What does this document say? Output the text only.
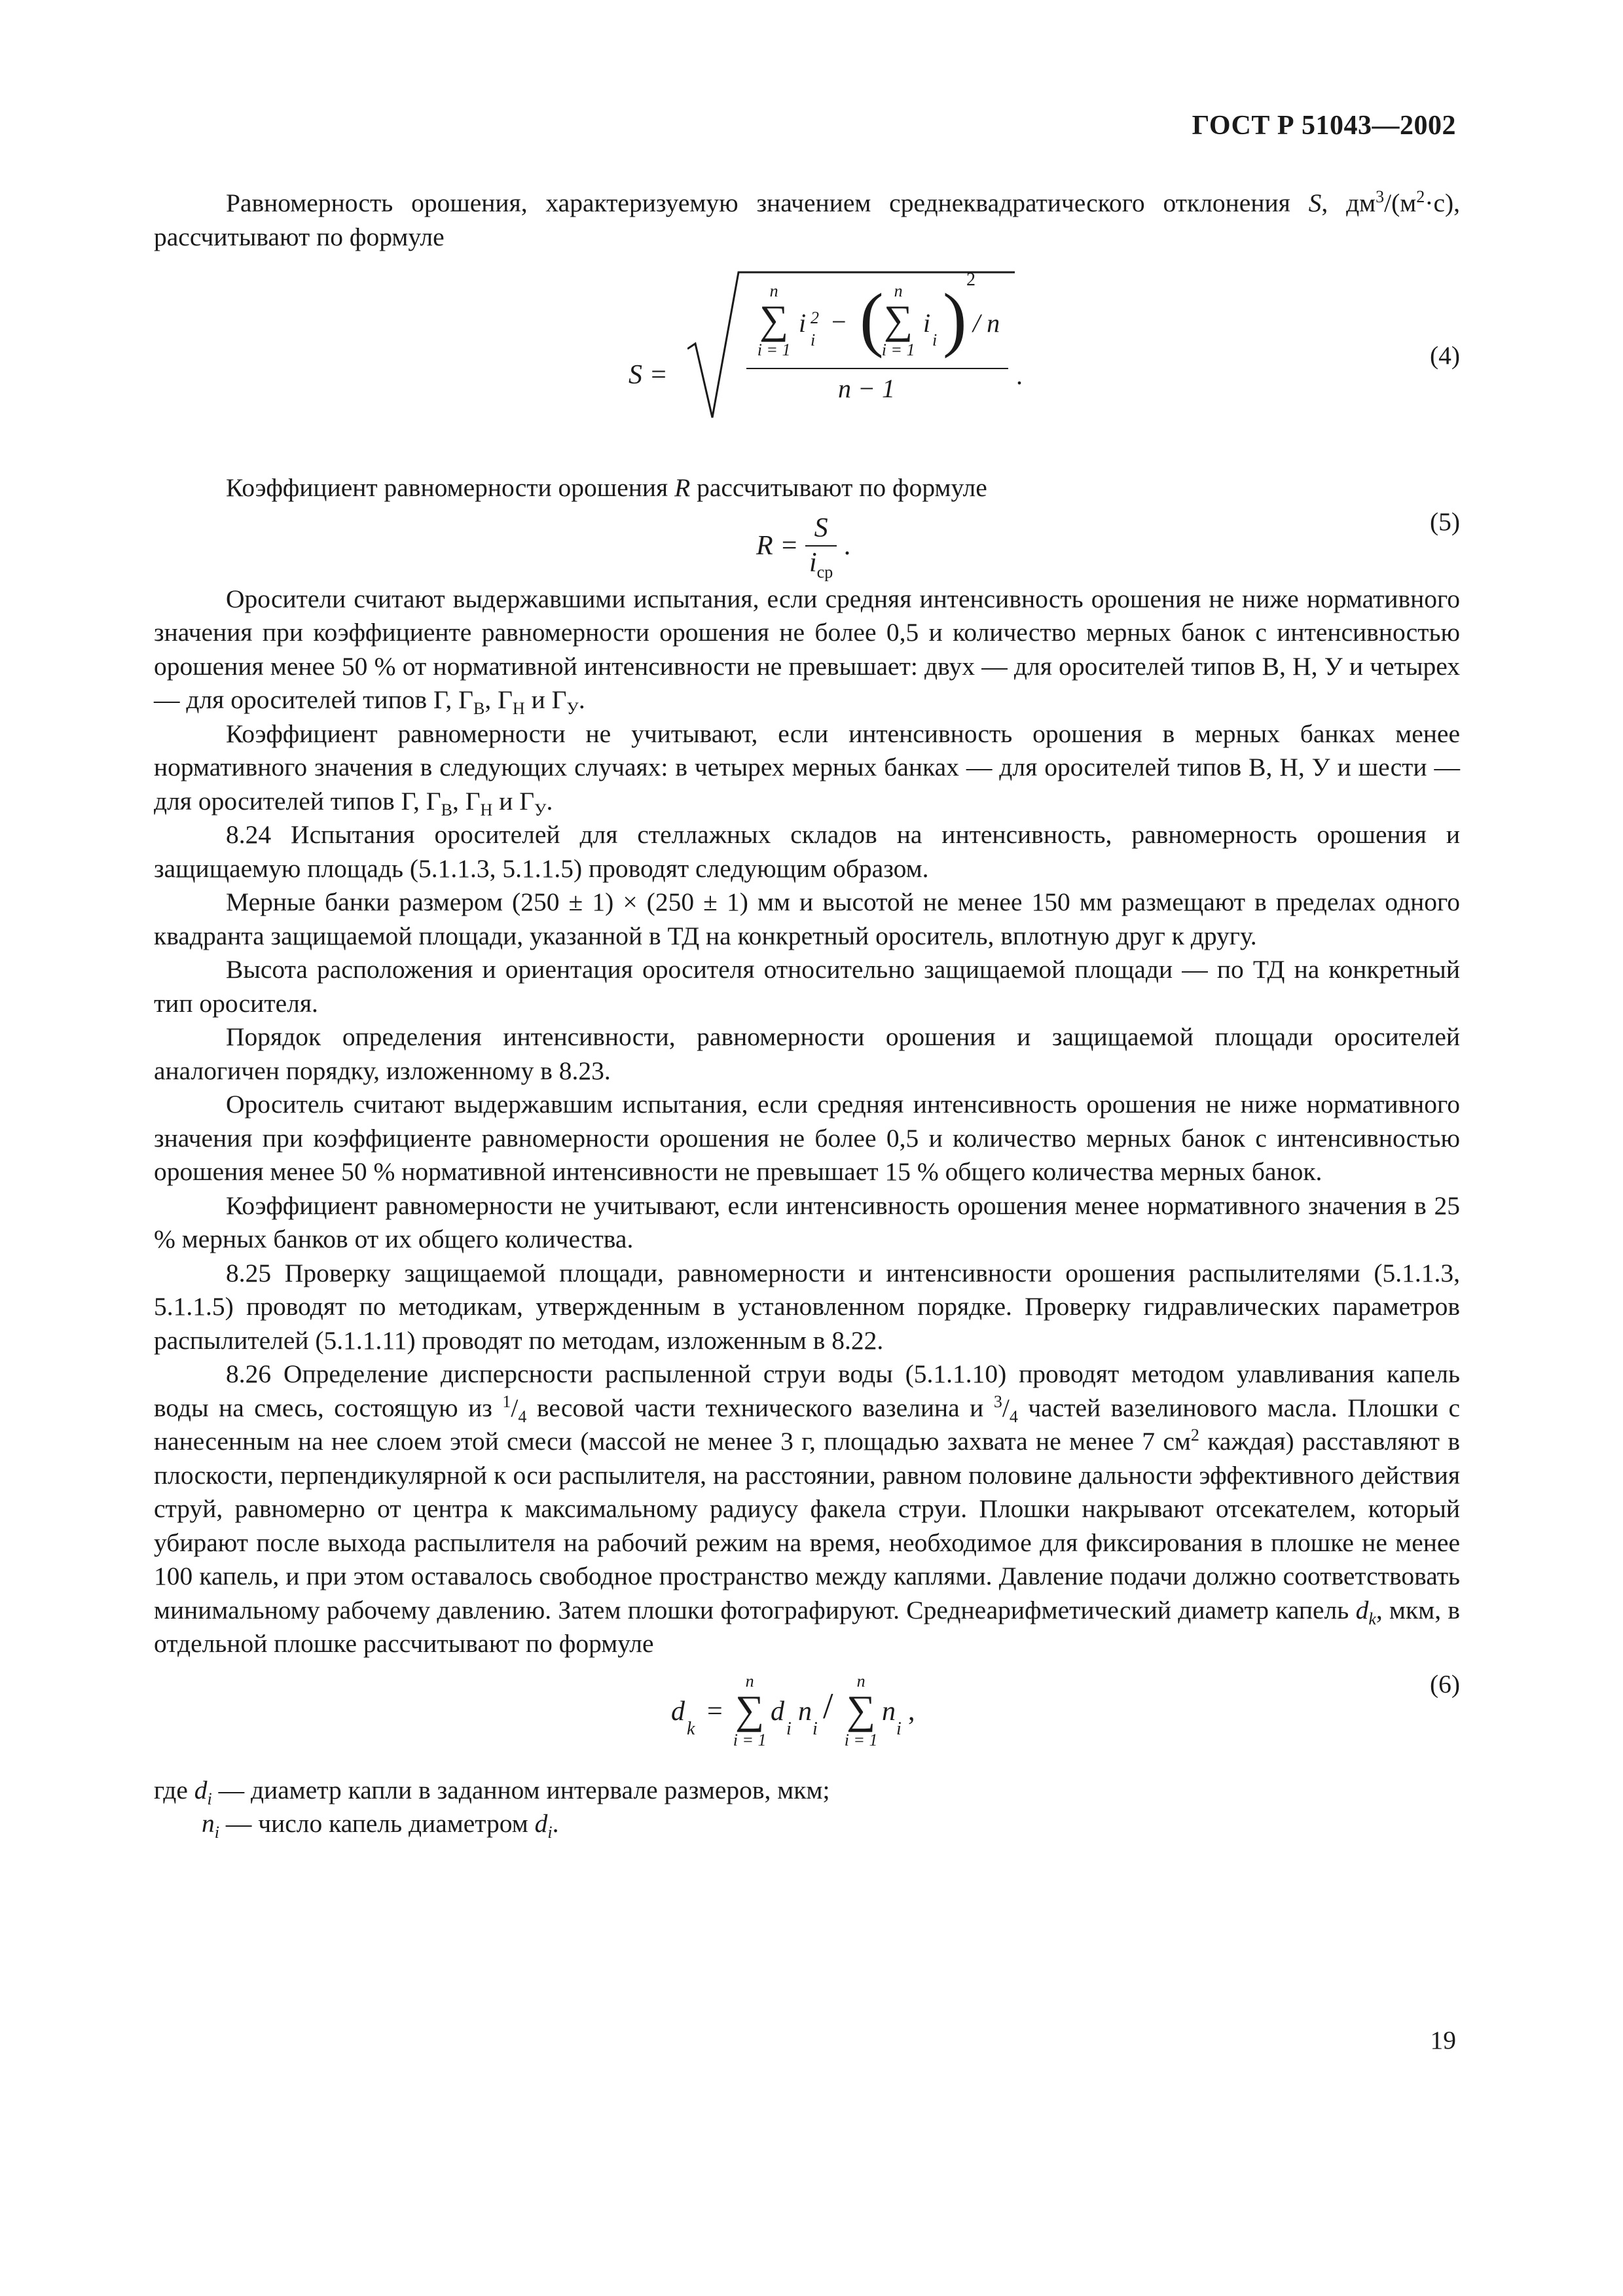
ГОСТ Р 51043—2002

Равномерность орошения, характеризуемую значением среднеквадратического отклонения S, $дм^3/(м^2\cdot с)$, рассчитывают по формуле

S =
∑
n
i = 1
i 2
i
− ( ∑
n
i = 1
i
i ) 2
/ n
n − 1	.
(4)

Коэффициент равномерности орошения R рассчитывают по формуле

$R = \frac{S}{i_{ср}}$ .
(5)

Оросители считают выдержавшими испытания, если средняя интенсивность орошения не ниже нормативного значения при коэффициенте равномерности орошения не более 0,5 и количество мерных банок с интенсивностью орошения менее 50 % от нормативной интенсивности не превышает: двух — для оросителей типов В, Н, У и четырех — для оросителей типов Г, $Г_В$, $Г_Н$ и $Г_У$.

Коэффициент равномерности не учитывают, если интенсивность орошения в мерных банках менее нормативного значения в следующих случаях: в четырех мерных банках — для оросителей типов В, Н, У и шести — для оросителей типов Г, $Г_В$, $Г_Н$ и $Г_У$.

8.24 Испытания оросителей для стеллажных складов на интенсивность, равномерность орошения и защищаемую площадь (5.1.1.3, 5.1.1.5) проводят следующим образом.

Мерные банки размером (250 ± 1) × (250 ± 1) мм и высотой не менее 150 мм размещают в пределах одного квадранта защищаемой площади, указанной в ТД на конкретный ороситель, вплотную друг к другу.

Высота расположения и ориентация оросителя относительно защищаемой площади — по ТД на конкретный тип оросителя.

Порядок определения интенсивности, равномерности орошения и защищаемой площади оросителей аналогичен порядку, изложенному в 8.23.

Ороситель считают выдержавшим испытания, если средняя интенсивность орошения не ниже нормативного значения при коэффициенте равномерности орошения не более 0,5 и количество мерных банок с интенсивностью орошения менее 50 % нормативной интенсивности не превышает 15 % общего количества мерных банок.

Коэффициент равномерности не учитывают, если интенсивность орошения менее нормативного значения в 25 % мерных банков от их общего количества.

8.25 Проверку защищаемой площади, равномерности и интенсивности орошения распылителями (5.1.1.3, 5.1.1.5) проводят по методикам, утвержденным в установленном порядке. Проверку гидравлических параметров распылителей (5.1.1.11) проводят по методам, изложенным в 8.22.

8.26 Определение дисперсности распыленной струи воды (5.1.1.10) проводят методом улавливания капель воды на смесь, состоящую из $^1/_4$ весовой части технического вазелина и $^3/_4$ частей вазелинового масла. Плошки с нанесенным на нее слоем этой смеси (массой не менее 3 г, площадью захвата не менее 7 $см^2$ каждая) расставляют в плоскости, перпендикулярной к оси распылителя, на расстоянии, равном половине дальности эффективного действия струй, равномерно от центра к максимальному радиусу факела струи. Плошки накрывают отсекателем, который убирают после выхода распылителя на рабочий режим на время, необходимое для фиксирования в плошке не менее 100 капель, и при этом оставалось свободное пространство между каплями. Давление подачи должно соответствовать минимальному рабочему давлению. Затем плошки фотографируют. Среднеарифметический диаметр капель $d_k$, мкм, в отдельной плошке рассчитывают по формуле

d
k
= ∑
n
i = 1
d
i
n
i
/ ∑
n
i = 1
n
i
,
(6)

где $d_i$ — диаметр капли в заданном интервале размеров, мкм;

$n_i$ — число капель диаметром $d_i$.

19
